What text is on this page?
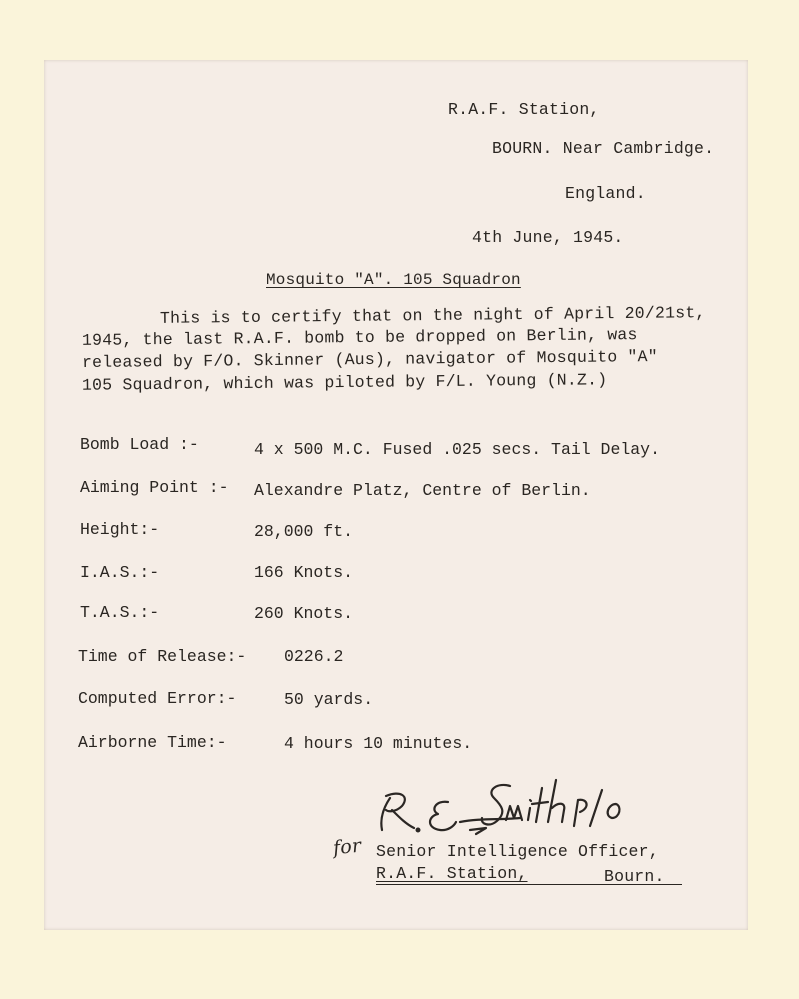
R.A.F. Station,
BOURN. Near Cambridge.
England.
4th June, 1945.
Mosquito "A". 105 Squadron
This is to certify that on the night of April 20/21st,
1945, the last R.A.F. bomb to be dropped on Berlin, was
released by F/O. Skinner (Aus), navigator of Mosquito "A"
105 Squadron, which was piloted by F/L. Young (N.Z.)
Bomb Load :-	4 x 500 M.C. Fused .025 secs. Tail Delay.
Aiming Point :- Alexandre Platz, Centre of Berlin.
Height:-	28,000 ft.
I.A.S.:-	166 Knots.
T.A.S.:-	260 Knots.
Time of Release:- 0226.2
Computed Error:-	50 yards.
Airborne Time:-	4 hours 10 minutes.
for Senior Intelligence Officer,
R.A.F. Station,	Bourn.
